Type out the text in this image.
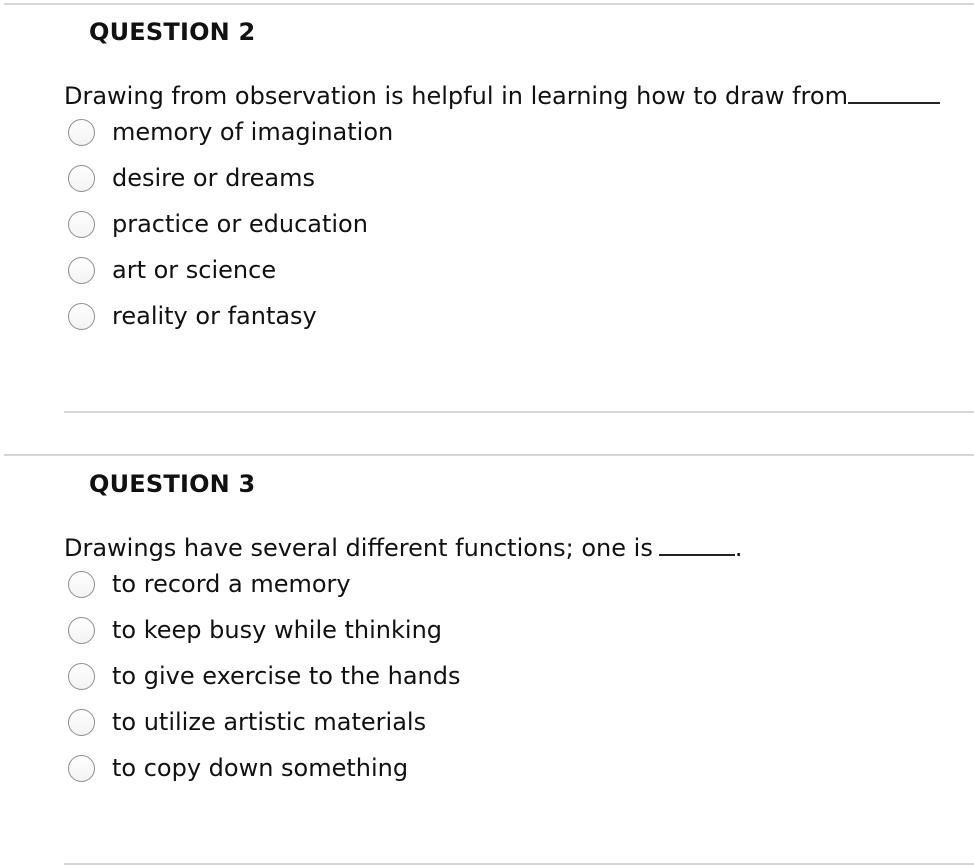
QUESTION 2
Drawing from observation is helpful in learning how to draw from
memory of imagination
desire or dreams
practice or education
art or science
reality or fantasy
QUESTION 3
Drawings have several different functions; one is	.
to record a memory
to keep busy while thinking
to give exercise to the hands
to utilize artistic materials
to copy down something
